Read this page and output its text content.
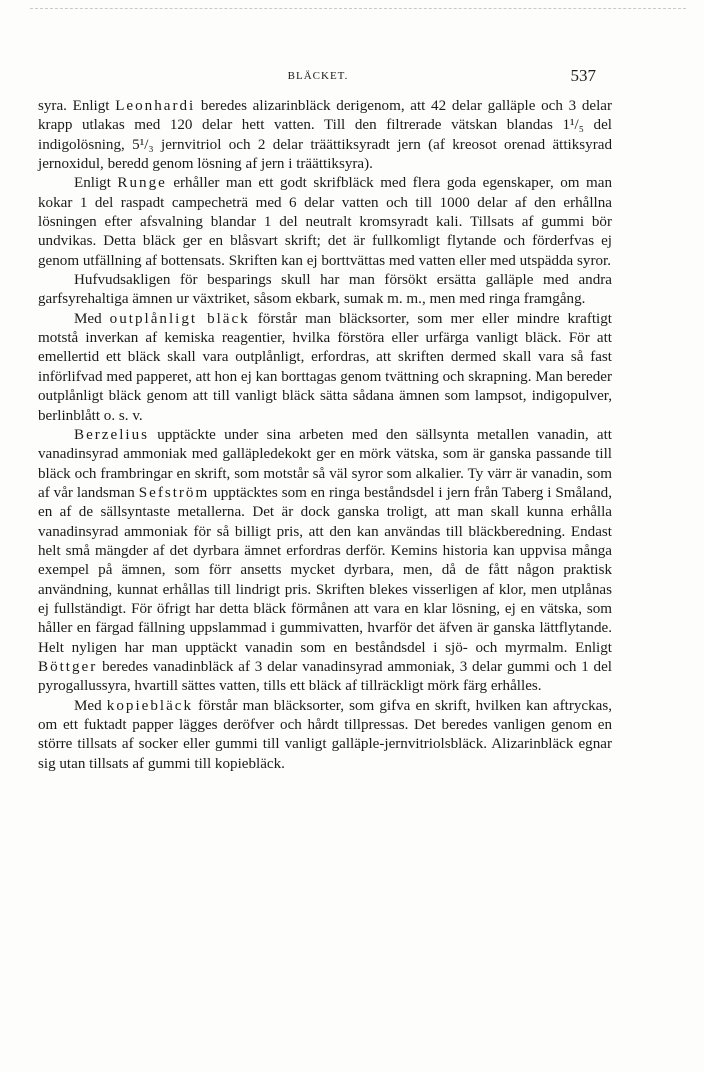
BLÄCKET.	537

syra. Enligt Leonhardi beredes alizarinbläck derigenom, att 42 delar galläple och 3 delar krapp utlakas med 120 delar hett vatten. Till den filtrerade vätskan blandas 1¹/₅ del indigolösning, 5¹/₃ jernvitriol och 2 delar träättiksyradt jern (af kreosot orenad ättiksyrad jernoxidul, beredd genom lösning af jern i träättiksyra).

Enligt Runge erhåller man ett godt skrifbläck med flera goda egenskaper, om man kokar 1 del raspadt campecheträ med 6 delar vatten och till 1000 delar af den erhållna lösningen efter afsvalning blandar 1 del neutralt kromsyradt kali. Tillsats af gummi bör undvikas. Detta bläck ger en blåsvart skrift; det är fullkomligt flytande och förderfvas ej genom utfällning af bottensats. Skriften kan ej borttvättas med vatten eller med utspädda syror.

Hufvudsakligen för besparings skull har man försökt ersätta galläple med andra garfsyrehaltiga ämnen ur växtriket, såsom ekbark, sumak m. m., men med ringa framgång.

Med outplånligt bläck förstår man bläcksorter, som mer eller mindre kraftigt motstå inverkan af kemiska reagentier, hvilka förstöra eller urfärga vanligt bläck. För att emellertid ett bläck skall vara outplånligt, erfordras, att skriften dermed skall vara så fast införlifvad med papperet, att hon ej kan borttagas genom tvättning och skrapning. Man bereder outplånligt bläck genom att till vanligt bläck sätta sådana ämnen som lampsot, indigopulver, berlinblått o. s. v.

Berzelius upptäckte under sina arbeten med den sällsynta metallen vanadin, att vanadinsyrad ammoniak med galläpledekokt ger en mörk vätska, som är ganska passande till bläck och frambringar en skrift, som motstår så väl syror som alkalier. Ty värr är vanadin, som af vår landsman Sefström upptäcktes som en ringa beståndsdel i jern från Taberg i Småland, en af de sällsyntaste metallerna. Det är dock ganska troligt, att man skall kunna erhålla vanadinsyrad ammoniak för så billigt pris, att den kan användas till bläckberedning. Endast helt små mängder af det dyrbara ämnet erfordras derför. Kemins historia kan uppvisa många exempel på ämnen, som förr ansetts mycket dyrbara, men, då de fått någon praktisk användning, kunnat erhållas till lindrigt pris. Skriften blekes visserligen af klor, men utplånas ej fullständigt. För öfrigt har detta bläck förmånen att vara en klar lösning, ej en vätska, som håller en färgad fällning uppslammad i gummivatten, hvarför det äfven är ganska lättflytande. Helt nyligen har man upptäckt vanadin som en beståndsdel i sjö- och myrmalm. Enligt Böttger beredes vanadinbläck af 3 delar vanadinsyrad ammoniak, 3 delar gummi och 1 del pyrogallussyra, hvartill sättes vatten, tills ett bläck af tillräckligt mörk färg erhålles.

Med kopiebläck förstår man bläcksorter, som gifva en skrift, hvilken kan aftryckas, om ett fuktadt papper lägges deröfver och hårdt tillpressas. Det beredes vanligen genom en större tillsats af socker eller gummi till vanligt galläple-jernvitriolsbläck. Alizarinbläck egnar sig utan tillsats af gummi till kopiebläck.
